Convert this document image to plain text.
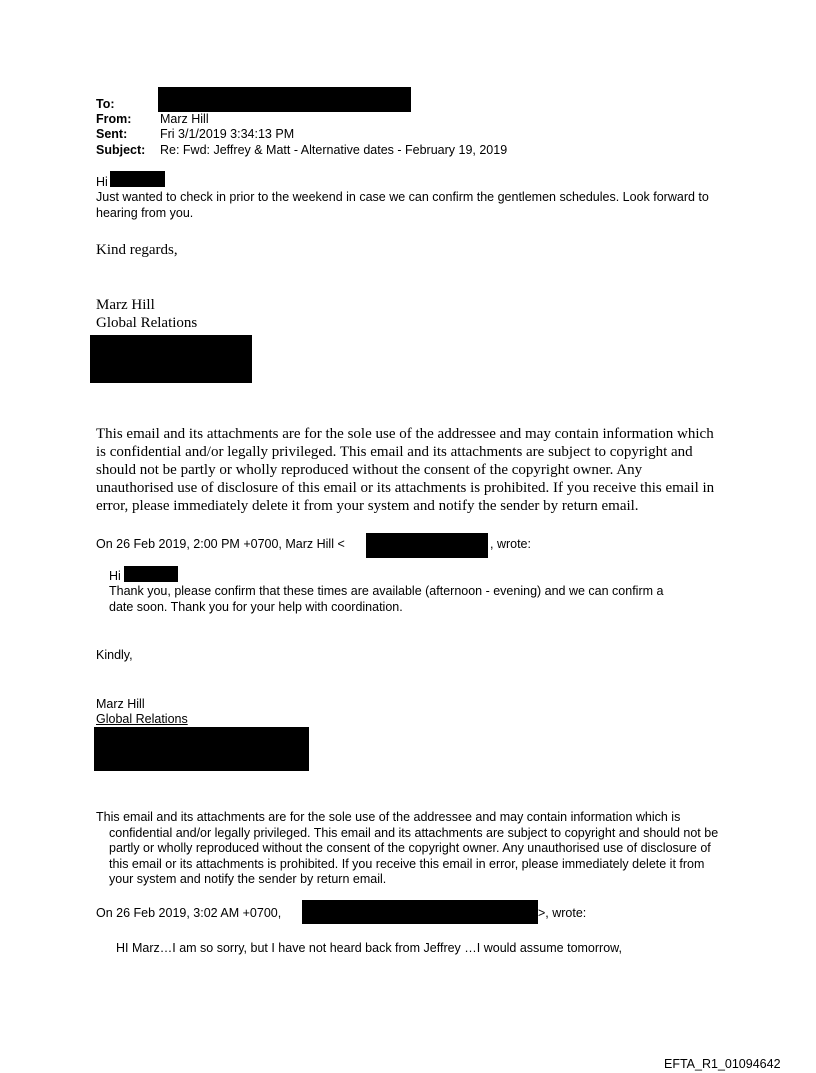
To:
From: Marz Hill
Sent:	Fri 3/1/2019 3:34:13 PM
Subject: Re: Fwd: Jeffrey & Matt - Alternative dates - February 19, 2019
Hi
Just wanted to check in prior to the weekend in case we can confirm the gentlemen schedules. Look forward to hearing from you.
Kind regards,
Marz Hill
Global Relations
This email and its attachments are for the sole use of the addressee and may contain information which is confidential and/or legally privileged. This email and its attachments are subject to copyright and should not be partly or wholly reproduced without the consent of the copyright owner. Any unauthorised use of disclosure of this email or its attachments is prohibited. If you receive this email in error, please immediately delete it from your system and notify the sender by return email.
On 26 Feb 2019, 2:00 PM +0700, Marz Hill <	, wrote:
Hi
Thank you, please confirm that these times are available (afternoon - evening) and we can confirm a date soon. Thank you for your help with coordination.
Kindly,
Marz Hill
Global Relations
This email and its attachments are for the sole use of the addressee and may contain information which is confidential and/or legally privileged. This email and its attachments are subject to copyright and should not be partly or wholly reproduced without the consent of the copyright owner. Any unauthorised use of disclosure of this email or its attachments is prohibited. If you receive this email in error, please immediately delete it from your system and notify the sender by return email.
On 26 Feb 2019, 3:02 AM +0700,	>, wrote:
HI Marz…I am so sorry, but I have not heard back from Jeffrey …I would assume tomorrow,
EFTA_R1_01094642
